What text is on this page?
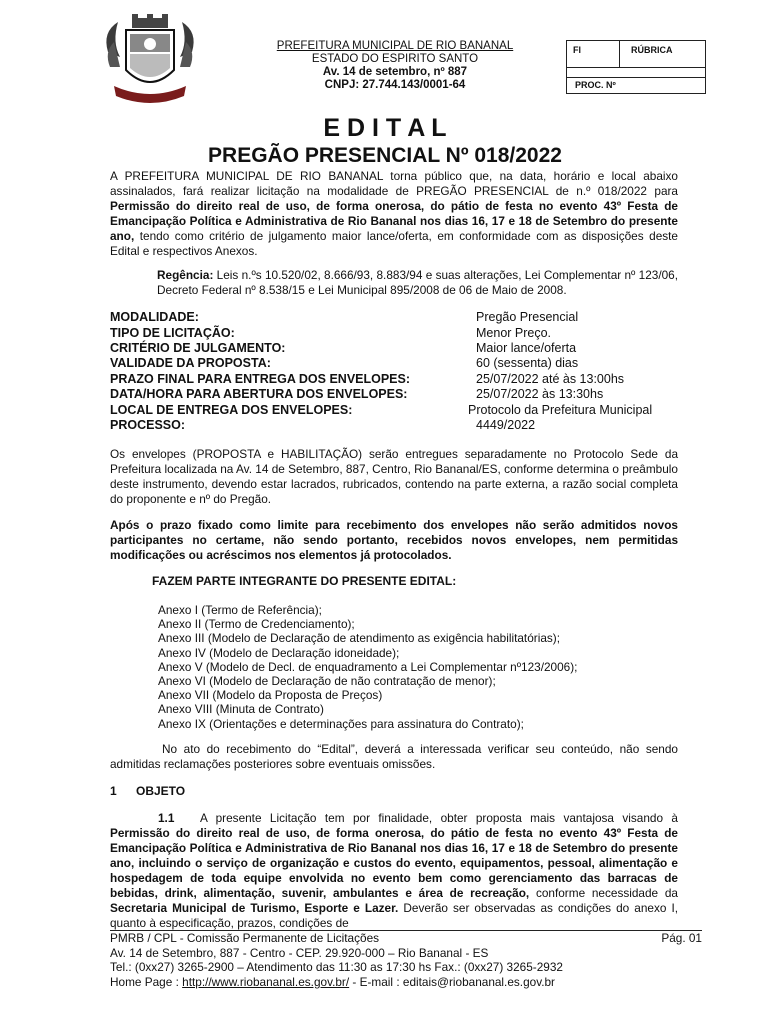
PREFEITURA MUNICIPAL DE RIO BANANAL
ESTADO DO ESPIRITO SANTO
Av. 14 de setembro, nº 887
CNPJ: 27.744.143/0001-64
Fl	RÚBRICA
PROC. Nº
E D I T A L
PREGÃO PRESENCIAL Nº 018/2022
A PREFEITURA MUNICIPAL DE RIO BANANAL torna público que, na data, horário e local abaixo assinalados, fará realizar licitação na modalidade de PREGÃO PRESENCIAL de n.º 018/2022 para Permissão do direito real de uso, de forma onerosa, do pátio de festa no evento 43º Festa de Emancipação Política e Administrativa de Rio Bananal nos dias 16, 17 e 18 de Setembro do presente ano, tendo como critério de julgamento maior lance/oferta, em conformidade com as disposições deste Edital e respectivos Anexos.
Regência: Leis n.ºs 10.520/02, 8.666/93, 8.883/94 e suas alterações, Lei Complementar nº 123/06, Decreto Federal nº 8.538/15 e Lei Municipal 895/2008 de 06 de Maio de 2008.
MODALIDADE:	Pregão Presencial
TIPO DE LICITAÇÃO:	Menor Preço.
CRITÉRIO DE JULGAMENTO:	Maior lance/oferta
VALIDADE DA PROPOSTA:	60 (sessenta) dias
PRAZO FINAL PARA ENTREGA DOS ENVELOPES:	25/07/2022 até às 13:00hs
DATA/HORA PARA ABERTURA DOS ENVELOPES:	25/07/2022 às 13:30hs
LOCAL DE ENTREGA DOS ENVELOPES:	Protocolo da Prefeitura Municipal
PROCESSO:	4449/2022
Os envelopes (PROPOSTA e HABILITAÇÃO) serão entregues separadamente no Protocolo Sede da Prefeitura localizada na Av. 14 de Setembro, 887, Centro, Rio Bananal/ES, conforme determina o preâmbulo deste instrumento, devendo estar lacrados, rubricados, contendo na parte externa, a razão social completa do proponente e nº do Pregão.
Após o prazo fixado como limite para recebimento dos envelopes não serão admitidos novos participantes no certame, não sendo portanto, recebidos novos envelopes, nem permitidas modificações ou acréscimos nos elementos já protocolados.
FAZEM PARTE INTEGRANTE DO PRESENTE EDITAL:
Anexo I (Termo de Referência);
Anexo II (Termo de Credenciamento);
Anexo III (Modelo de Declaração de atendimento as exigência habilitatórias);
Anexo IV (Modelo de Declaração idoneidade);
Anexo V (Modelo de Decl. de enquadramento a Lei Complementar nº123/2006);
Anexo VI (Modelo de Declaração de não contratação de menor);
Anexo VII (Modelo da Proposta de Preços)
Anexo VIII (Minuta de Contrato)
Anexo IX (Orientações e determinações para assinatura do Contrato);
No ato do recebimento do “Edital”, deverá a interessada verificar seu conteúdo, não sendo admitidas reclamações posteriores sobre eventuais omissões.
1 OBJETO
1.1 A presente Licitação tem por finalidade, obter proposta mais vantajosa visando à Permissão do direito real de uso, de forma onerosa, do pátio de festa no evento 43º Festa de Emancipação Política e Administrativa de Rio Bananal nos dias 16, 17 e 18 de Setembro do presente ano, incluindo o serviço de organização e custos do evento, equipamentos, pessoal, alimentação e hospedagem de toda equipe envolvida no evento bem como gerenciamento das barracas de bebidas, drink, alimentação, suvenir, ambulantes e área de recreação, conforme necessidade da Secretaria Municipal de Turismo, Esporte e Lazer. Deverão ser observadas as condições do anexo I, quanto à especificação, prazos, condições de
PMRB / CPL - Comissão Permanente de Licitações	Pág. 01
Av. 14 de Setembro, 887 - Centro - CEP. 29.920-000 – Rio Bananal - ES
Tel.: (0xx27) 3265-2900 – Atendimento das 11:30 as 17:30 hs Fax.: (0xx27) 3265-2932
Home Page : http://www.riobananal.es.gov.br/ - E-mail : editais@riobananal.es.gov.br
